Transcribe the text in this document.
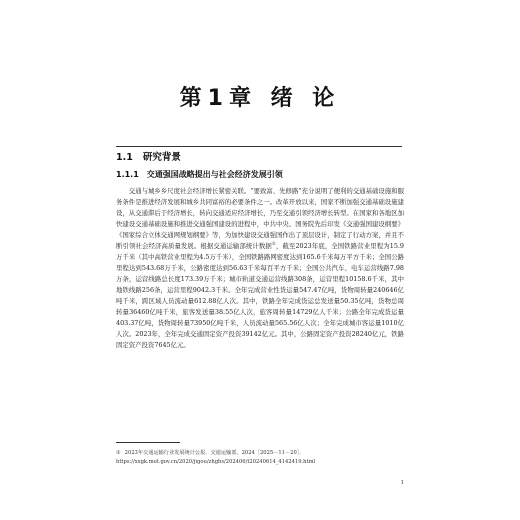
第1章 绪 论
1.1 研究背景
1.1.1 交通强国战略提出与社会经济发展引领

交通与城乡乡尺度社会经济增长紧密关联。“要致富、先修路”充分说明了便利的交通基础设施和服务条件是推进经济发展和城乡共同富裕的必要条件之一。改革开放以来，国家不断加强交通基础设施建设，从交通滞后于经济增长，转向交通适应经济增长，乃至交通引领经济增长转型。在国家和各地区加快建设交通基础设施和推进交通强国建设的进程中，中共中央、国务院先后印发《交通强国建设纲要》《国家综合立体交通网规划纲要》等，为加快建设交通强国作出了顶层设计，制定了行动方案，并且不断引领社会经济高质量发展。根据交通运输部统计数据①，截至2023年底，全国铁路营业里程为15.9万千米（其中高铁营业里程为4.5万千米），全国铁路路网密度达到165.6千米每万平方千米；全国公路里程达到543.68万千米，公路密度达到56.63千米每百平方千米；全国公共汽车、电车运营线路7.98万条，运营线路总长度173.39万千米；城市轨道交通运营线路308条，运营里程10158.6千米，其中地铁线路256条，运营里程9042.3千米。全年完成营业性货运量547.47亿吨，货物周转量240646亿吨千米，跨区域人员流动量612.88亿人次。其中，铁路全年完成货运总发送量50.35亿吨，货物总周转量36460亿吨千米，旅客发送量38.55亿人次，旅客周转量14729亿人千米；公路全年完成货运量403.37亿吨，货物周转量73950亿吨千米，人员流动量565.56亿人次；全年完成城市客运量1010亿人次。2023年，全年完成交通固定资产投资39142亿元。其中，公路固定资产投资28240亿元，铁路固定资产投资7645亿元。

① 2023年交通运输行业发展统计公报．交通运输部，2024［2025－11－20］．https://xxgk.mot.gov.cn/2020/jigou/zhghs/202406/t20240614_4142419.html

1
